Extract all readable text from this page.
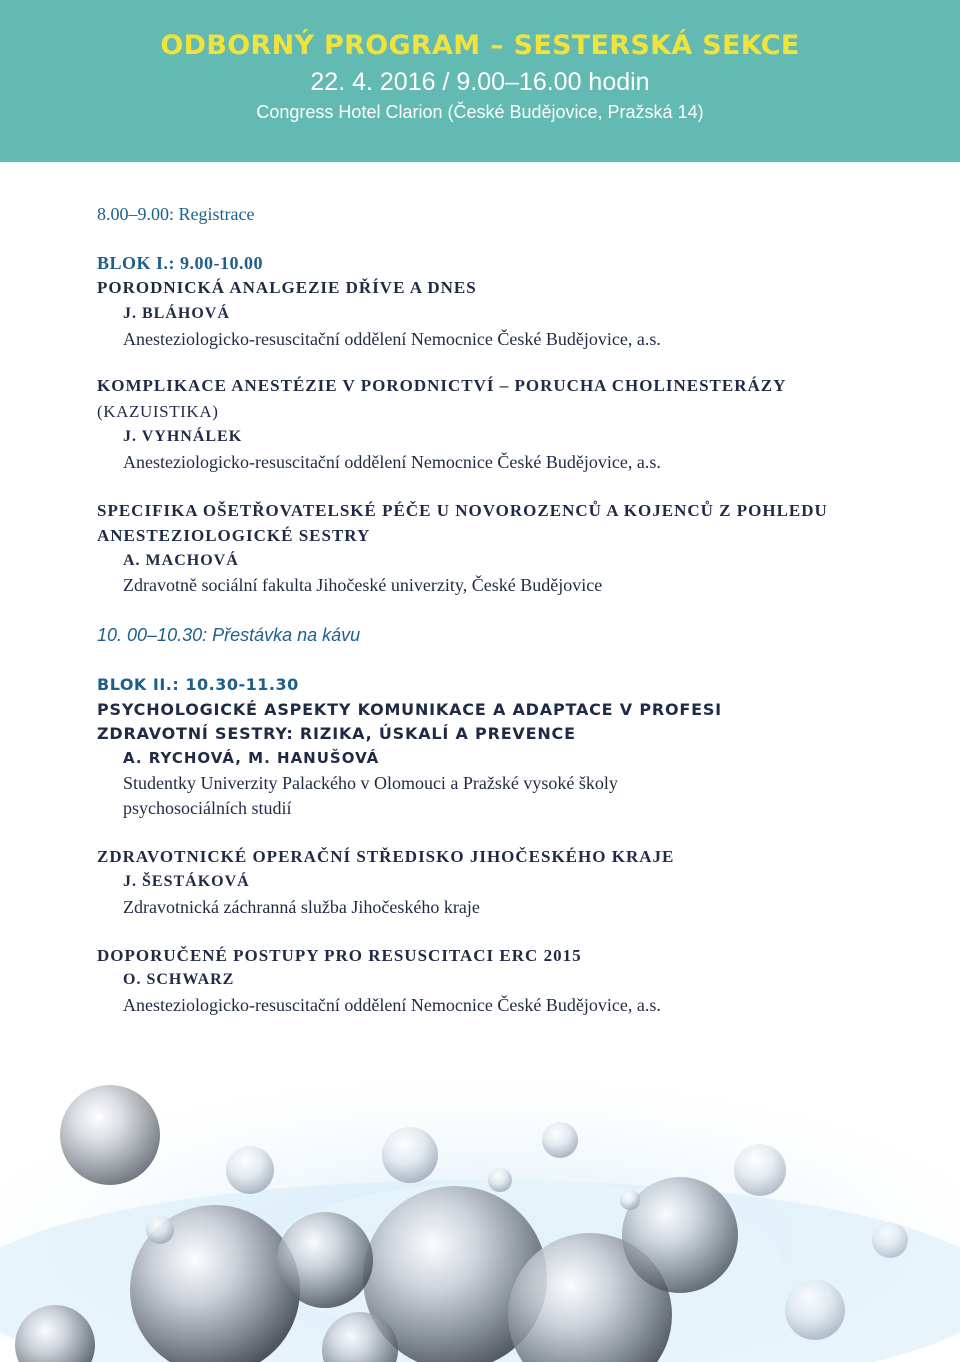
ODBORNÝ PROGRAM – SESTERSKÁ SEKCE
22. 4. 2016 / 9.00–16.00 hodin
Congress Hotel Clarion (České Budějovice, Pražská 14)
8.00–9.00: Registrace
BLOK I.: 9.00-10.00
PORODNICKÁ ANALGEZIE DŘÍVE A DNES
J. BLÁHOVÁ
Anesteziologicko-resuscitační oddělení Nemocnice České Budějovice, a.s.
KOMPLIKACE ANESTÉZIE V PORODNICTVÍ – PORUCHA CHOLINESTERÁZY
(KAZUISTIKA)
J. VYHNÁLEK
Anesteziologicko-resuscitační oddělení Nemocnice České Budějovice, a.s.
SPECIFIKA OŠETŘOVATELSKÉ PÉČE U NOVOROZENCŮ A KOJENCŮ Z POHLEDU
ANESTEZIOLOGICKÉ SESTRY
A. MACHOVÁ
Zdravotně sociální fakulta Jihočeské univerzity, České Budějovice
10. 00–10.30: Přestávka na kávu
BLOK II.: 10.30-11.30
PSYCHOLOGICKÉ ASPEKTY KOMUNIKACE A ADAPTACE V PROFESI
ZDRAVOTNÍ SESTRY: RIZIKA, ÚSKALÍ A PREVENCE
A. RYCHOVÁ, M. HANUŠOVÁ
Studentky Univerzity Palackého v Olomouci a Pražské vysoké školy
psychosociálních studií
ZDRAVOTNICKÉ OPERAČNÍ STŘEDISKO JIHOČESKÉHO KRAJE
J. ŠESTÁKOVÁ
Zdravotnická záchranná služba Jihočeského kraje
DOPORUČENÉ POSTUPY PRO RESUSCITACI ERC 2015
O. SCHWARZ
Anesteziologicko-resuscitační oddělení Nemocnice České Budějovice, a.s.
